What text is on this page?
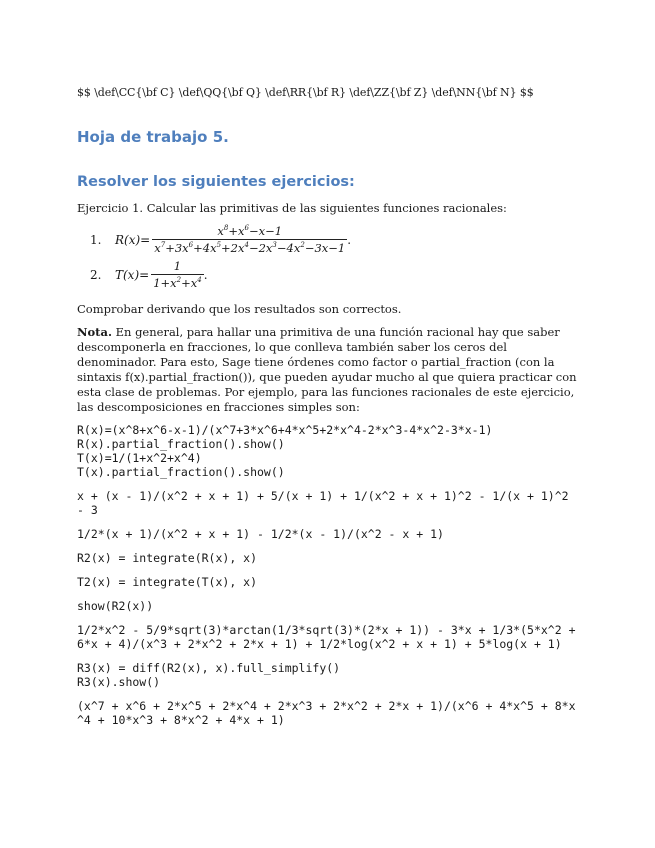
$$ \def\CC{\bf C} \def\QQ{\bf Q} \def\RR{\bf R} \def\ZZ{\bf Z} \def\NN{\bf N} $$

Hoja de trabajo 5.
Resolver los siguientes ejercicios:

Ejercicio 1. Calcular las primitivas de las siguientes funciones racionales:

1.	$R(x)= \frac{x^8+x^6-x-1}{x^7+3x^6+4x^5+2x^4-2x^3-4x^2-3x-1}$ .
2.	$T(x)= \frac{1}{1+x^2+x^4}$ .

Comprobar derivando que los resultados son correctos.

Nota. En general, para hallar una primitiva de una función racional hay que saber descomponerla en fracciones, lo que conlleva también saber los ceros del denominador. Para esto, Sage tiene órdenes como factor o partial_fraction (con la sintaxis f(x).partial_fraction()), que pueden ayudar mucho al que quiera practicar con esta clase de problemas. Por ejemplo, para las funciones racionales de este ejercicio, las descomposiciones en fracciones simples son:

R(x)=(x^8+x^6-x-1)/(x^7+3*x^6+4*x^5+2*x^4-2*x^3-4*x^2-3*x-1)
R(x).partial_fraction().show()
T(x)=1/(1+x^2+x^4)
T(x).partial_fraction().show()
x + (x - 1)/(x^2 + x + 1) + 5/(x + 1) + 1/(x^2 + x + 1)^2 - 1/(x + 1)^2 - 3
1/2*(x + 1)/(x^2 + x + 1) - 1/2*(x - 1)/(x^2 - x + 1)
R2(x) = integrate(R(x), x)
T2(x) = integrate(T(x), x)
show(R2(x))
1/2*x^2 - 5/9*sqrt(3)*arctan(1/3*sqrt(3)*(2*x + 1)) - 3*x + 1/3*(5*x^2 + 6*x + 4)/(x^3 + 2*x^2 + 2*x + 1) + 1/2*log(x^2 + x + 1) + 5*log(x + 1)
R3(x) = diff(R2(x), x).full_simplify()
R3(x).show()
(x^7 + x^6 + 2*x^5 + 2*x^4 + 2*x^3 + 2*x^2 + 2*x + 1)/(x^6 + 4*x^5 + 8*x^4 + 10*x^3 + 8*x^2 + 4*x + 1)
